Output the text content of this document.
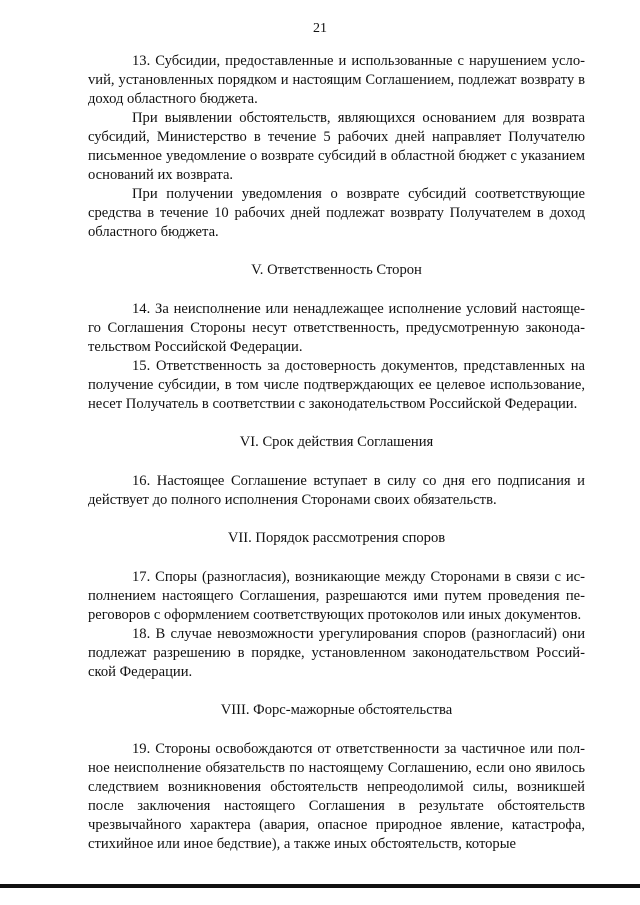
21

13. Субсидии, предоставленные и использованные с нарушением услоvий, установленных порядком и настоящим Соглашением, подлежат возврату в доход областного бюджета.

При выявлении обстоятельств, являющихся основанием для возврата субсидий, Министерство в течение 5 рабочих дней направляет Получателю письменное уведомление о возврате субсидий в областной бюджет с указанием оснований их возврата.

При получении уведомления о возврате субсидий соответствующие средства в течение 10 рабочих дней подлежат возврату Получателем в доход областного бюджета.

V. Ответственность Сторон

14. За неисполнение или ненадлежащее исполнение условий настоящего Соглашения Стороны несут ответственность, предусмотренную законодательством Российской Федерации.

15. Ответственность за достоверность документов, представленных на получение субсидии, в том числе подтверждающих ее целевое использование, несет Получатель в соответствии с законодательством Российской Федерации.

VI. Срок действия Соглашения

16. Настоящее Соглашение вступает в силу со дня его подписания и действует до полного исполнения Сторонами своих обязательств.

VII. Порядок рассмотрения споров

17. Споры (разногласия), возникающие между Сторонами в связи с исполнением настоящего Соглашения, разрешаются ими путем проведения переговоров с оформлением соответствующих протоколов или иных документов.

18. В случае невозможности урегулирования споров (разногласий) они подлежат разрешению в порядке, установленном законодательством Российской Федерации.

VIII. Форс-мажорные обстоятельства

19. Стороны освобождаются от ответственности за частичное или полное неисполнение обязательств по настоящему Соглашению, если оно явилось следствием возникновения обстоятельств непреодолимой силы, возникшей после заключения настоящего Соглашения в результате обстоятельств чрезвычайного характера (авария, опасное природное явление, катастрофа, стихийное или иное бедствие), а также иных обстоятельств, которые
